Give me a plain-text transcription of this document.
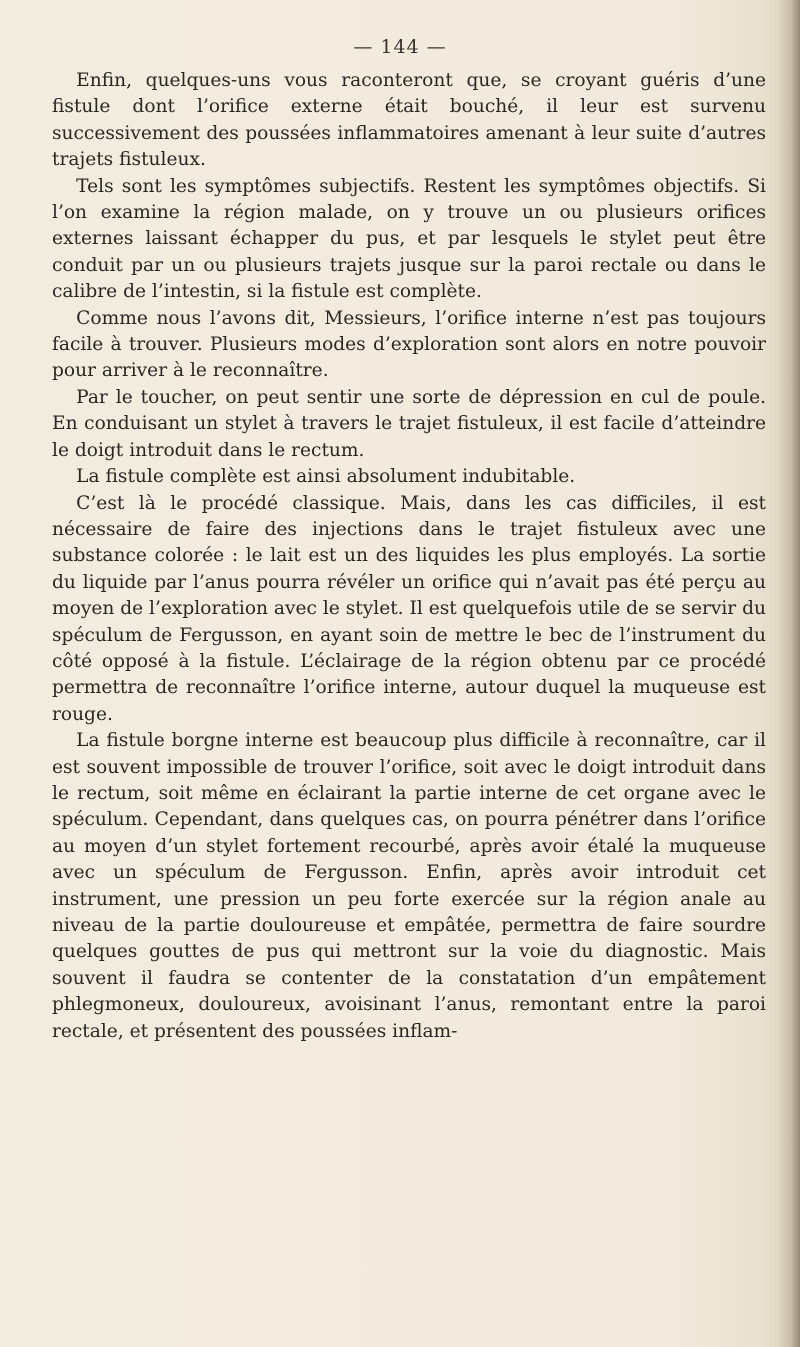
— 144 —

Enfin, quelques-uns vous raconteront que, se croyant guéris d’une fistule dont l’orifice externe était bouché, il leur est survenu successivement des poussées inflammatoires amenant à leur suite d’autres trajets fistuleux.

Tels sont les symptômes subjectifs. Restent les symptômes objectifs. Si l’on examine la région malade, on y trouve un ou plusieurs orifices externes laissant échapper du pus, et par lesquels le stylet peut être conduit par un ou plusieurs trajets jusque sur la paroi rectale ou dans le calibre de l’intestin, si la fistule est complète.

Comme nous l’avons dit, Messieurs, l’orifice interne n’est pas toujours facile à trouver. Plusieurs modes d’exploration sont alors en notre pouvoir pour arriver à le reconnaître.

Par le toucher, on peut sentir une sorte de dépression en cul de poule. En conduisant un stylet à travers le trajet fistuleux, il est facile d’atteindre le doigt introduit dans le rectum.

La fistule complète est ainsi absolument indubitable.

C’est là le procédé classique. Mais, dans les cas difficiles, il est nécessaire de faire des injections dans le trajet fistuleux avec une substance colorée : le lait est un des liquides les plus employés. La sortie du liquide par l’anus pourra révéler un orifice qui n’avait pas été perçu au moyen de l’exploration avec le stylet. Il est quelquefois utile de se servir du spéculum de Fergusson, en ayant soin de mettre le bec de l’instrument du côté opposé à la fistule. L’éclairage de la région obtenu par ce procédé permettra de reconnaître l’orifice interne, autour duquel la muqueuse est rouge.

La fistule borgne interne est beaucoup plus difficile à reconnaître, car il est souvent impossible de trouver l’orifice, soit avec le doigt introduit dans le rectum, soit même en éclairant la partie interne de cet organe avec le spéculum. Cependant, dans quelques cas, on pourra pénétrer dans l’orifice au moyen d’un stylet fortement recourbé, après avoir étalé la muqueuse avec un spéculum de Fergusson. Enfin, après avoir introduit cet instrument, une pression un peu forte exercée sur la région anale au niveau de la partie douloureuse et empâtée, permettra de faire sourdre quelques gouttes de pus qui mettront sur la voie du diagnostic. Mais souvent il faudra se contenter de la constatation d’un empâtement phlegmoneux, douloureux, avoisinant l’anus, remontant entre la paroi rectale, et présentent des poussées inflam-
